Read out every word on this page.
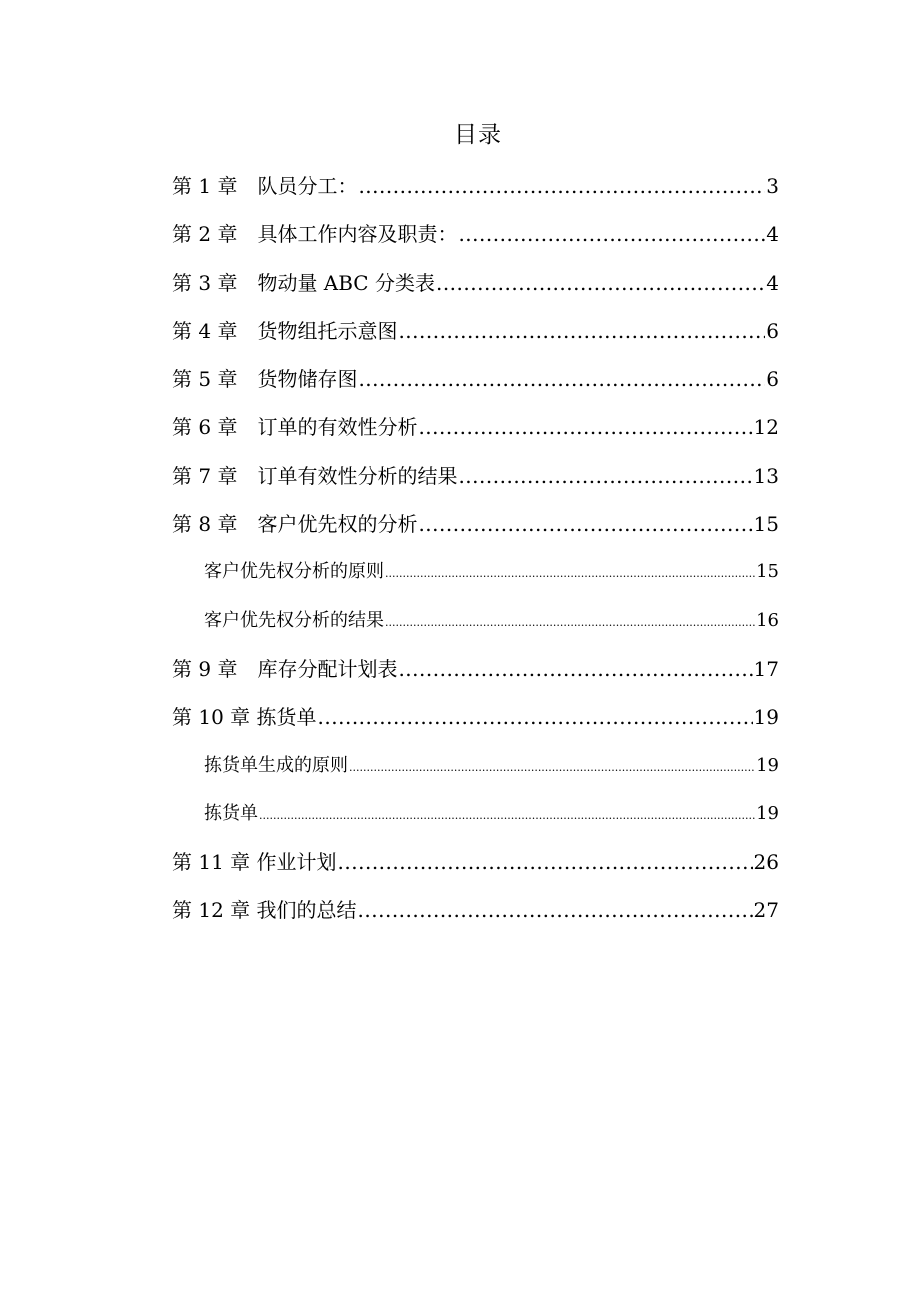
目录
第 1 章　队员分工： .....	3
第 2 章　具体工作内容及职责： .....	4
第 3 章　物动量 ABC 分类表 .....	4
第 4 章　货物组托示意图 .....	6
第 5 章　货物储存图 .....	6
第 6 章　订单的有效性分析 .....	12
第 7 章　订单有效性分析的结果 .....	13
第 8 章　客户优先权的分析 .....	15
客户优先权分析的原则 .....	15
客户优先权分析的结果 .....	16
第 9 章　库存分配计划表 .....	17
第 10 章 拣货单 .....	19
拣货单生成的原则 .....	19
拣货单 .....	19
第 11 章 作业计划 .....	26
第 12 章 我们的总结 .....	27
